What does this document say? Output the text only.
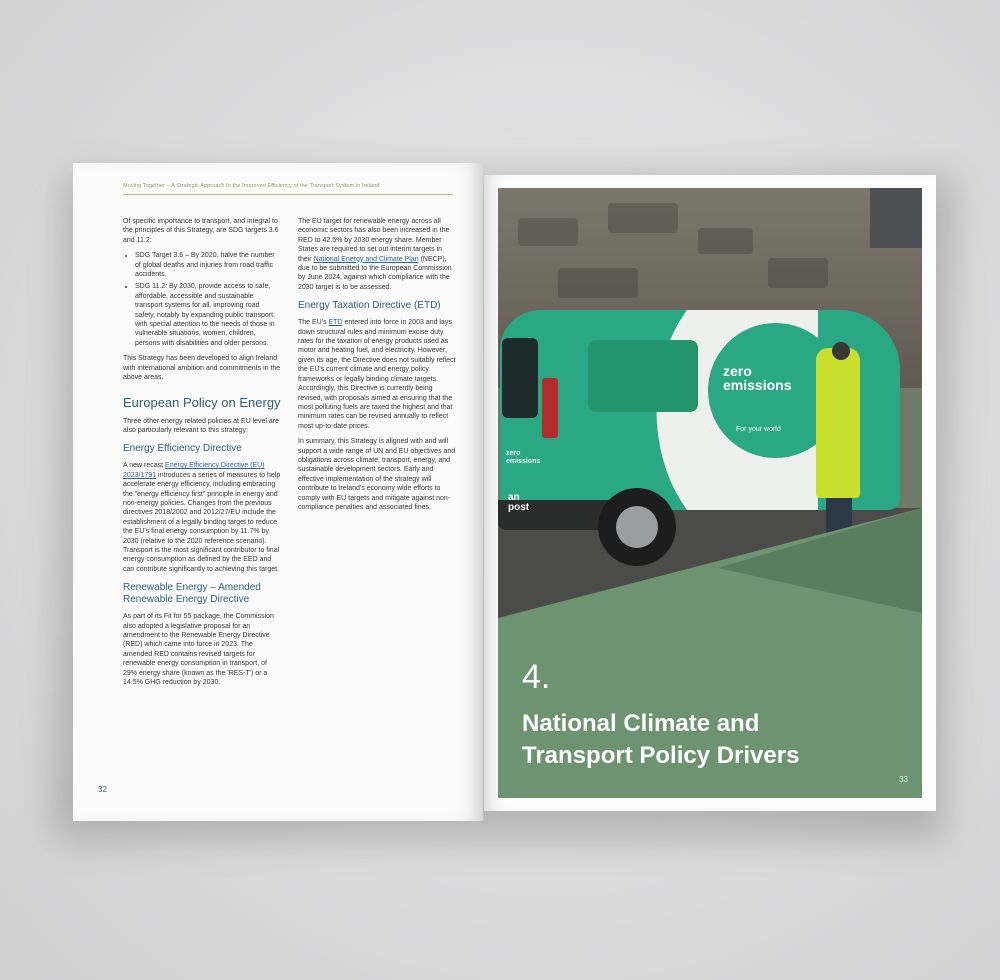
Moving Together – A Strategic Approach to the Improved Efficiency of the Transport System in Ireland

Of specific importance to transport, and integral to the principles of this Strategy, are SDG targets 3.6 and 11.2:

• SDG Target 3.6 – By 2020, halve the number of global deaths and injuries from road traffic accidents.
• SDG 11.2: By 2030, provide access to safe, affordable, accessible and sustainable transport systems for all, improving road safety, notably by expanding public transport, with special attention to the needs of those in vulnerable situations, women, children, persons with disabilities and older persons.

This Strategy has been developed to align Ireland with international ambition and commitments in the above areas.

European Policy on Energy

Three other energy related policies at EU level are also particularly relevant to this strategy:

Energy Efficiency Directive

A new recast Energy Efficiency Directive (EU) 2023/1791 introduces a series of measures to help accelerate energy efficiency, including embracing the "energy efficiency first" principle in energy and non-energy policies. Changes from the previous directives 2018/2002 and 2012/27/EU include the establishment of a legally binding target to reduce the EU's final energy consumption by 11.7% by 2030 (relative to the 2020 reference scenario). Transport is the most significant contributor to final energy consumption as defined by the EED and can contribute significantly to achieving this target.

Renewable Energy – Amended Renewable Energy Directive

As part of its Fit for 55 package, the Commission also adopted a legislative proposal for an amendment to the Renewable Energy Directive (RED) which came into force in 2023. The amended RED contains revised targets for renewable energy consumption in transport, of 29% energy share (known as the 'RES-T') or a 14.5% GHG reduction by 2030.

The EU target for renewable energy across all economic sectors has also been increased in the RED to 42.5% by 2030 energy share. Member States are required to set out interim targets in their National Energy and Climate Plan (NECP), due to be submitted to the European Commission by June 2024, against which compliance with the 2030 target is to be assessed.

Energy Taxation Directive (ETD)

The EU's ETD entered into force in 2003 and lays down structural rules and minimum excise duty rates for the taxation of energy products used as motor and heating fuel, and electricity. However, given its age, the Directive does not suitably reflect the EU's current climate and energy policy frameworks or legally binding climate targets. Accordingly, this Directive is currently being revised, with proposals aimed at ensuring that the most polluting fuels are taxed the highest and that minimum rates can be revised annually to reflect most up-to-date prices.

In summary, this Strategy is aligned with and will support a wide range of UN and EU objectives and obligations across climate, transport, energy, and sustainable development sectors. Early and effective implementation of the strategy will contribute to Ireland's economy wide efforts to comply with EU targets and mitigate against non-compliance penalties and associated fines.

32
zero
emissions
For your world
zero
emissions
an
post
4.
National Climate and
Transport Policy Drivers
33
